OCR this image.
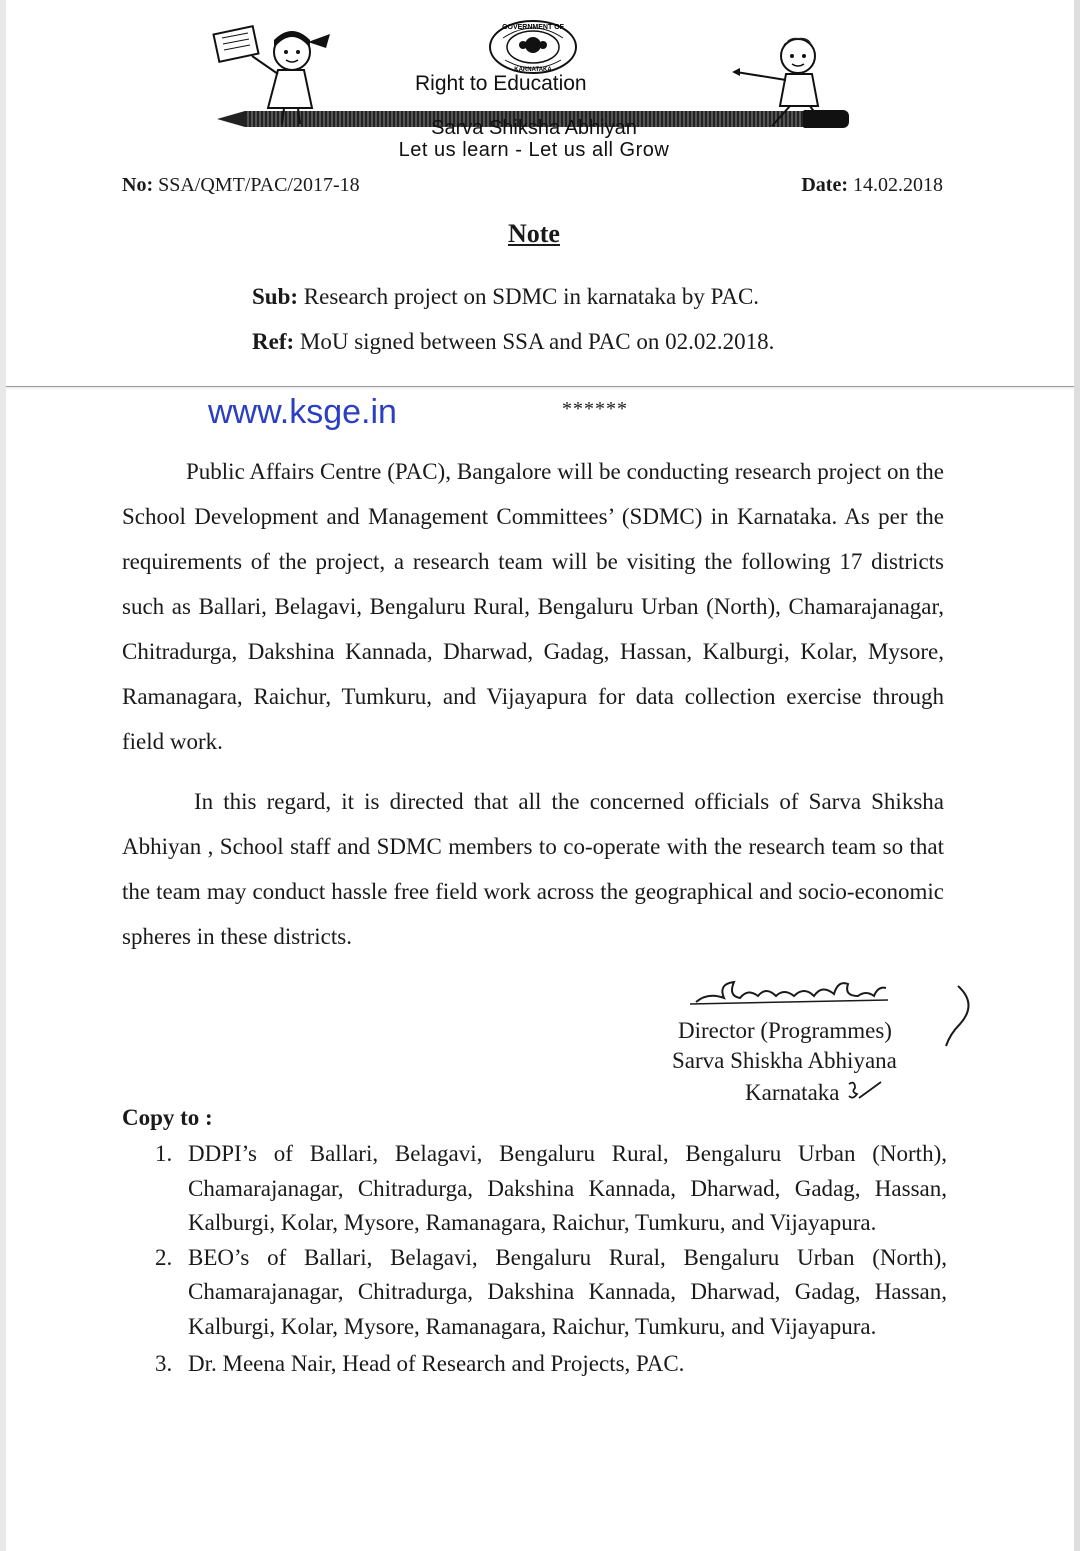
GOVERNMENT OF
KARNATAKA
Right to Education
Sarva Shiksha Abhiyan
Let us learn - Let us all Grow
No: SSA/QMT/PAC/2017-18	Date: 14.02.2018
Note
Sub: Research project on SDMC in karnataka by PAC.
Ref: MoU signed between SSA and PAC on 02.02.2018.
www.ksge.in	******
Public Affairs Centre (PAC), Bangalore will be conducting research project on the School Development and Management Committees’ (SDMC) in Karnataka. As per the requirements of the project, a research team will be visiting the following 17 districts such as Ballari, Belagavi, Bengaluru Rural, Bengaluru Urban (North), Chamarajanagar, Chitradurga, Dakshina Kannada, Dharwad, Gadag, Hassan, Kalburgi, Kolar, Mysore, Ramanagara, Raichur, Tumkuru, and Vijayapura for data collection exercise through field work.
In this regard, it is directed that all the concerned officials of Sarva Shiksha Abhiyan , School staff and SDMC members to co-operate with the research team so that the team may conduct hassle free field work across the geographical and socio-economic spheres in these districts.
Director (Programmes)
Sarva Shiskha Abhiyana
Karnataka
Copy to :
1. DDPI’s of Ballari, Belagavi, Bengaluru Rural, Bengaluru Urban (North), Chamarajanagar, Chitradurga, Dakshina Kannada, Dharwad, Gadag, Hassan, Kalburgi, Kolar, Mysore, Ramanagara, Raichur, Tumkuru, and Vijayapura.
2. BEO’s of Ballari, Belagavi, Bengaluru Rural, Bengaluru Urban (North), Chamarajanagar, Chitradurga, Dakshina Kannada, Dharwad, Gadag, Hassan, Kalburgi, Kolar, Mysore, Ramanagara, Raichur, Tumkuru, and Vijayapura.
3. Dr. Meena Nair, Head of Research and Projects, PAC.
